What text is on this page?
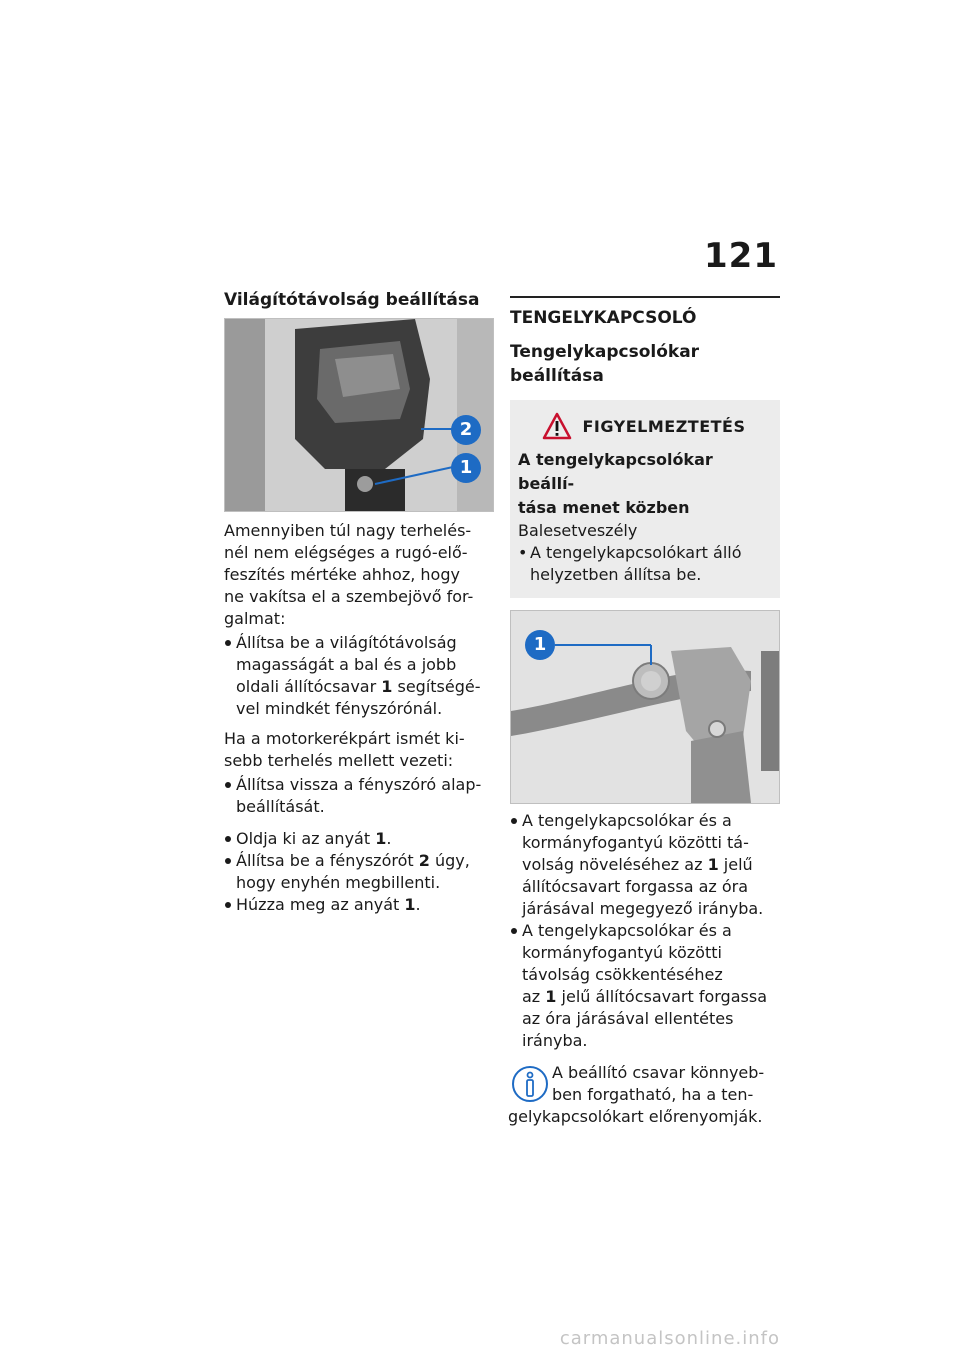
121
Világítótávolság beállítása
2
1
Amennyiben túl nagy terhelés-
nél nem elégséges a rugó-elő-
feszítés mértéke ahhoz, hogy
ne vakítsa el a szembejövő for-
galmat:
Állítsa be a világítótávolság
magasságát a bal és a jobb
oldali állítócsavar 1 segítségé-
vel mindkét fényszórónál.
Ha a motorkerékpárt ismét ki-
sebb terhelés mellett vezeti:
Állítsa vissza a fényszóró alap-
beállítását.
Oldja ki az anyát 1.
Állítsa be a fényszórót 2 úgy,
hogy enyhén megbillenti.
Húzza meg az anyát 1.
TENGELYKAPCSOLÓ
Tengelykapcsolókar beállítása
FIGYELMEZTETÉS
A tengelykapcsolókar beállí-
tása menet közben
Balesetveszély
• A tengelykapcsolókart álló
helyzetben állítsa be.
1
A tengelykapcsolókar és a
kormányfogantyú közötti tá-
volság növeléséhez az 1 jelű
állítócsavart forgassa az óra
járásával megegyező irányba.
A tengelykapcsolókar és a
kormányfogantyú közötti
távolság csökkentéséhez
az 1 jelű állítócsavart forgassa
az óra járásával ellentétes
irányba.
A beállító csavar könnyeb-
ben forgatható, ha a ten-
gelykapcsolókart előrenyomják.
carmanualsonline.info
